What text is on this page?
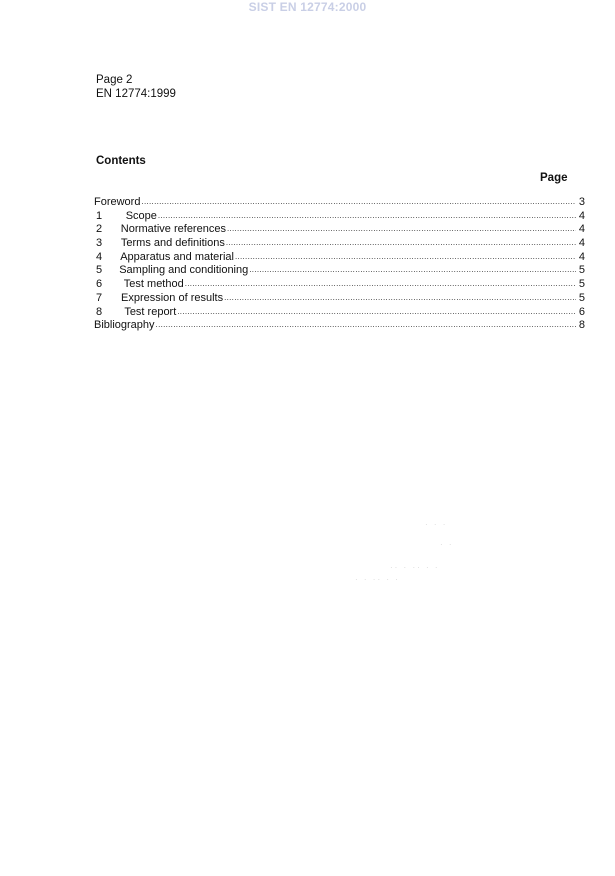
SIST EN 12774:2000
Page 2
EN 12774:1999
Contents
Page
Foreword .....	3
1	Scope .....	4
2	Normative references .....	4
3	Terms and definitions .....	4
4	Apparatus and material .....	4
5	Sampling and conditioning .....	5
6	Test method .....	5
7	Expression of results .....	5
8	Test report .....	6
Bibliography .....	8
· · ·
· ·
·· · ·· · ·
· · ·· · ·
